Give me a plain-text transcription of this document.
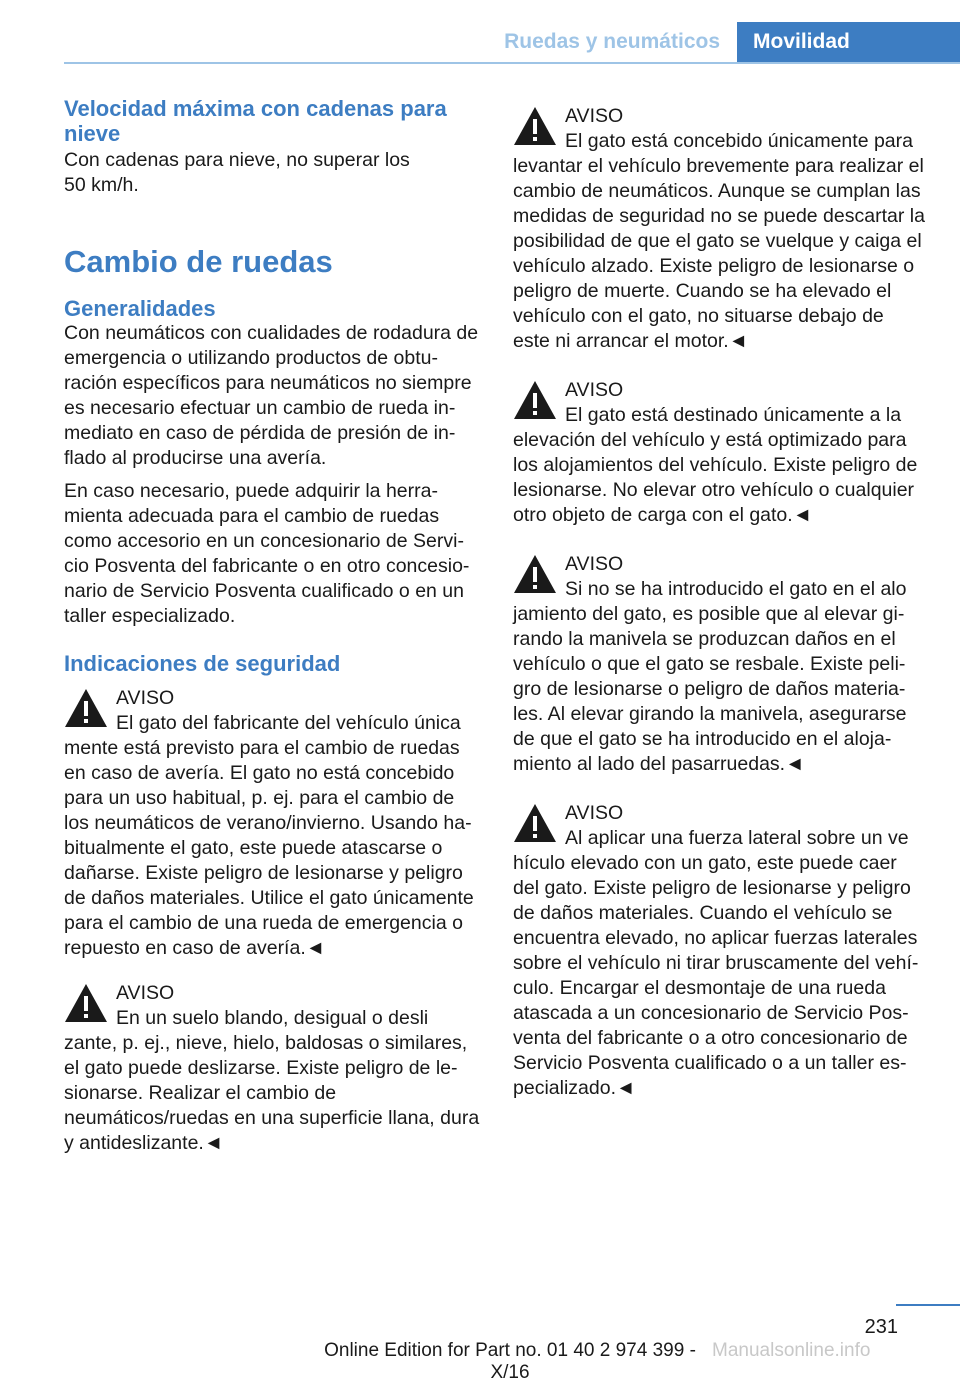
Ruedas y neumáticos	Movilidad
Velocidad máxima con cadenas para nieve

Con cadenas para nieve, no superar los 50 km/h.

Cambio de ruedas
Generalidades

Con neumáticos con cualidades de rodadura de emergencia o utilizando productos de obturación específicos para neumáticos no siempre es necesario efectuar un cambio de rueda inmediato en caso de pérdida de presión de inflado al producirse una avería.

En caso necesario, puede adquirir la herramienta adecuada para el cambio de ruedas como accesorio en un concesionario de Servicio Posventa del fabricante o en otro concesionario de Servicio Posventa cualificado o en un taller especializado.

Indicaciones de seguridad
AVISO
El gato del fabricante del vehículo única

mente está previsto para el cambio de ruedas en caso de avería. El gato no está concebido para un uso habitual, p. ej. para el cambio de los neumáticos de verano/invierno. Usando habitualmente el gato, este puede atascarse o dañarse. Existe peligro de lesionarse y peligro de daños materiales. Utilice el gato únicamente para el cambio de una rueda de emergencia o repuesto en caso de avería.◄

AVISO
En un suelo blando, desigual o desli

zante, p. ej., nieve, hielo, baldosas o similares, el gato puede deslizarse. Existe peligro de lesionarse. Realizar el cambio de neumáticos/ruedas en una superficie llana, dura y antideslizante.◄

AVISO
El gato está concebido únicamente para

levantar el vehículo brevemente para realizar el cambio de neumáticos. Aunque se cumplan las medidas de seguridad no se puede descartar la posibilidad de que el gato se vuelque y caiga el vehículo alzado. Existe peligro de lesionarse o peligro de muerte. Cuando se ha elevado el vehículo con el gato, no situarse debajo de este ni arrancar el motor.◄

AVISO
El gato está destinado únicamente a la

elevación del vehículo y está optimizado para los alojamientos del vehículo. Existe peligro de lesionarse. No elevar otro vehículo o cualquier otro objeto de carga con el gato.◄

AVISO
Si no se ha introducido el gato en el alo

jamiento del gato, es posible que al elevar girando la manivela se produzcan daños en el vehículo o que el gato se resbale. Existe peligro de lesionarse o peligro de daños materiales. Al elevar girando la manivela, asegurarse de que el gato se ha introducido en el alojamiento al lado del pasarruedas.◄

AVISO
Al aplicar una fuerza lateral sobre un ve

hículo elevado con un gato, este puede caer del gato. Existe peligro de lesionarse y peligro de daños materiales. Cuando el vehículo se encuentra elevado, no aplicar fuerzas laterales sobre el vehículo ni tirar bruscamente del vehículo. Encargar el desmontaje de una rueda atascada a un concesionario de Servicio Posventa del fabricante o a otro concesionario de Servicio Posventa cualificado o a un taller especializado.◄

231
Online Edition for Part no. 01 40 2 974 399 - X/16
Manualsonline.info
